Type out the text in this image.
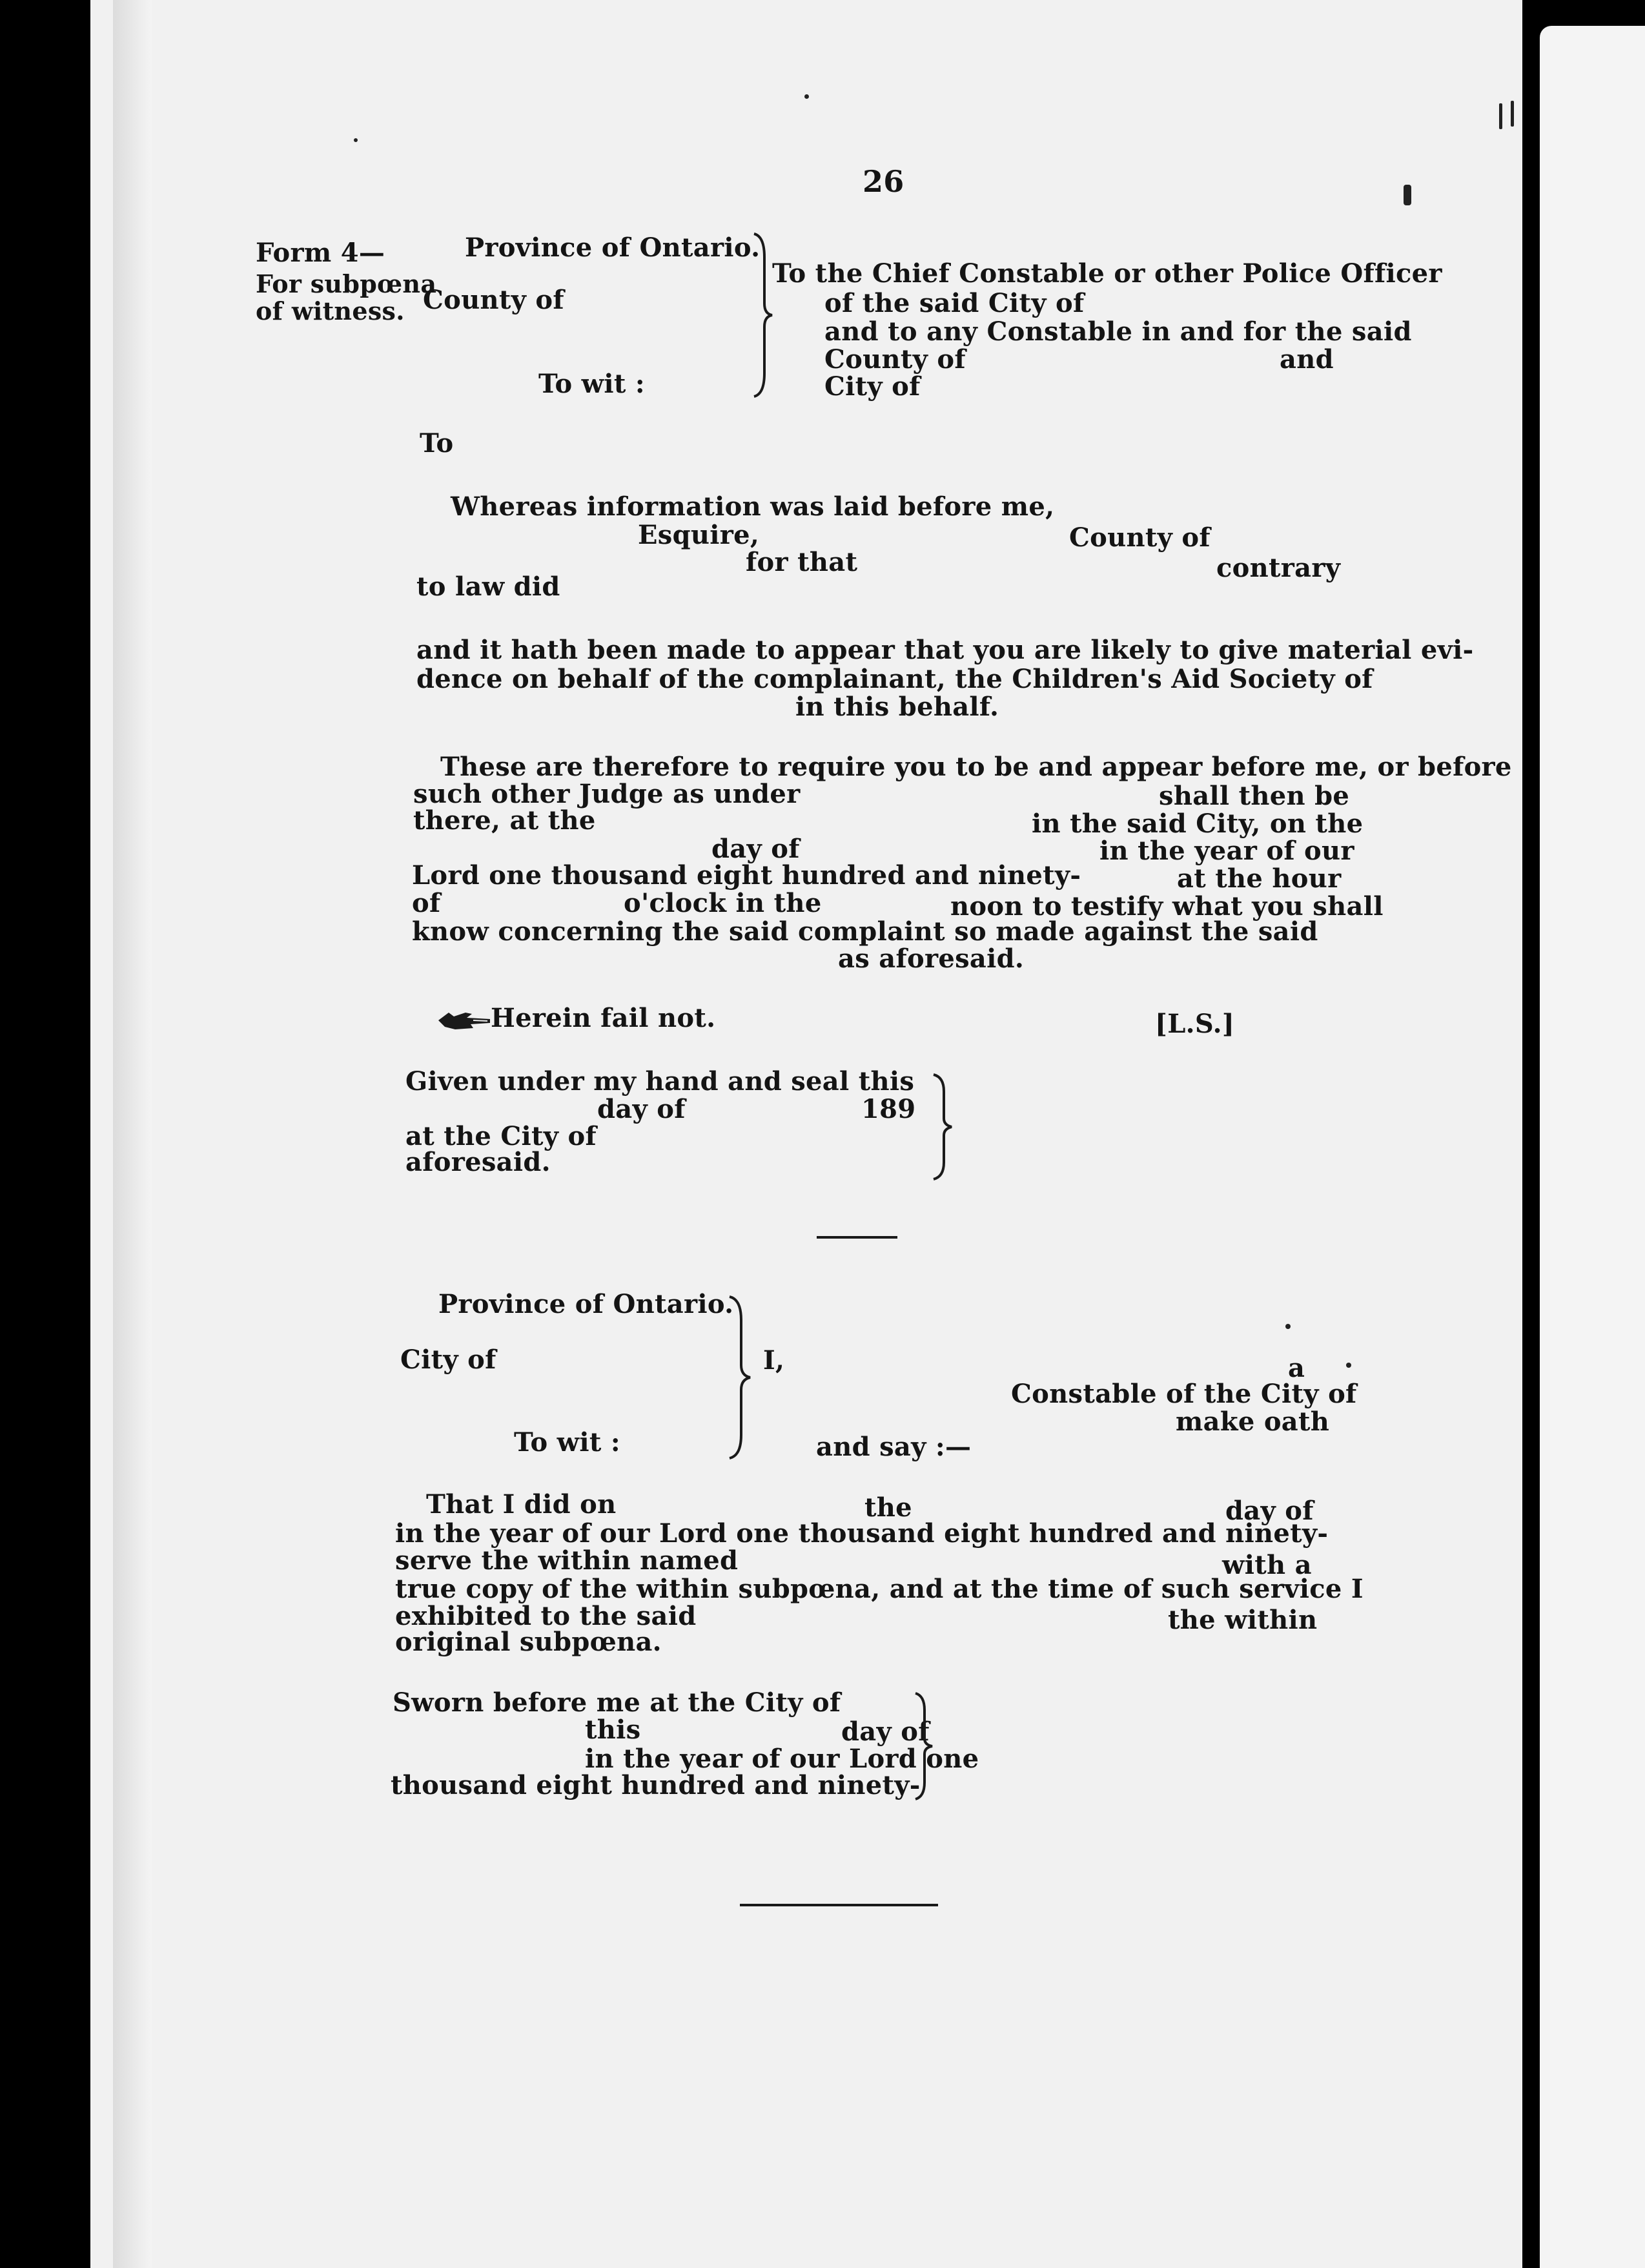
26
Form 4—
For subpœna
of witness.
Province of Ontario.
County of
To wit :
To the Chief Constable or other Police Officer
of the said City of
and to any Constable in and for the said
County of	and
City of
To
Whereas information was laid before me,
Esquire,	County of
for that	contrary
to law did
and it hath been made to appear that you are likely to give material evi-
dence on behalf of the complainant, the Children's Aid Society of
in this behalf.
These are therefore to require you to be and appear before me, or before
such other Judge as under	shall then be
there, at the	in the said City, on the
day of	in the year of our
Lord one thousand eight hundred and ninety-	at the hour
of	o'clock in the	noon to testify what you shall
know concerning the said complaint so made against the said
as aforesaid.
Herein fail not.	[L.S.]
Given under my hand and seal this
day of	189
at the City of
aforesaid.
Province of Ontario.
City of
To wit :
I,	a
Constable of the City of
make oath
and say :—
That I did on	the	day of
in the year of our Lord one thousand eight hundred and ninety-
serve the within named	with a
true copy of the within subpœna, and at the time of such service I
exhibited to the said	the within
original subpœna.
Sworn before me at the City of
this	day of
in the year of our Lord one
thousand eight hundred and ninety-
